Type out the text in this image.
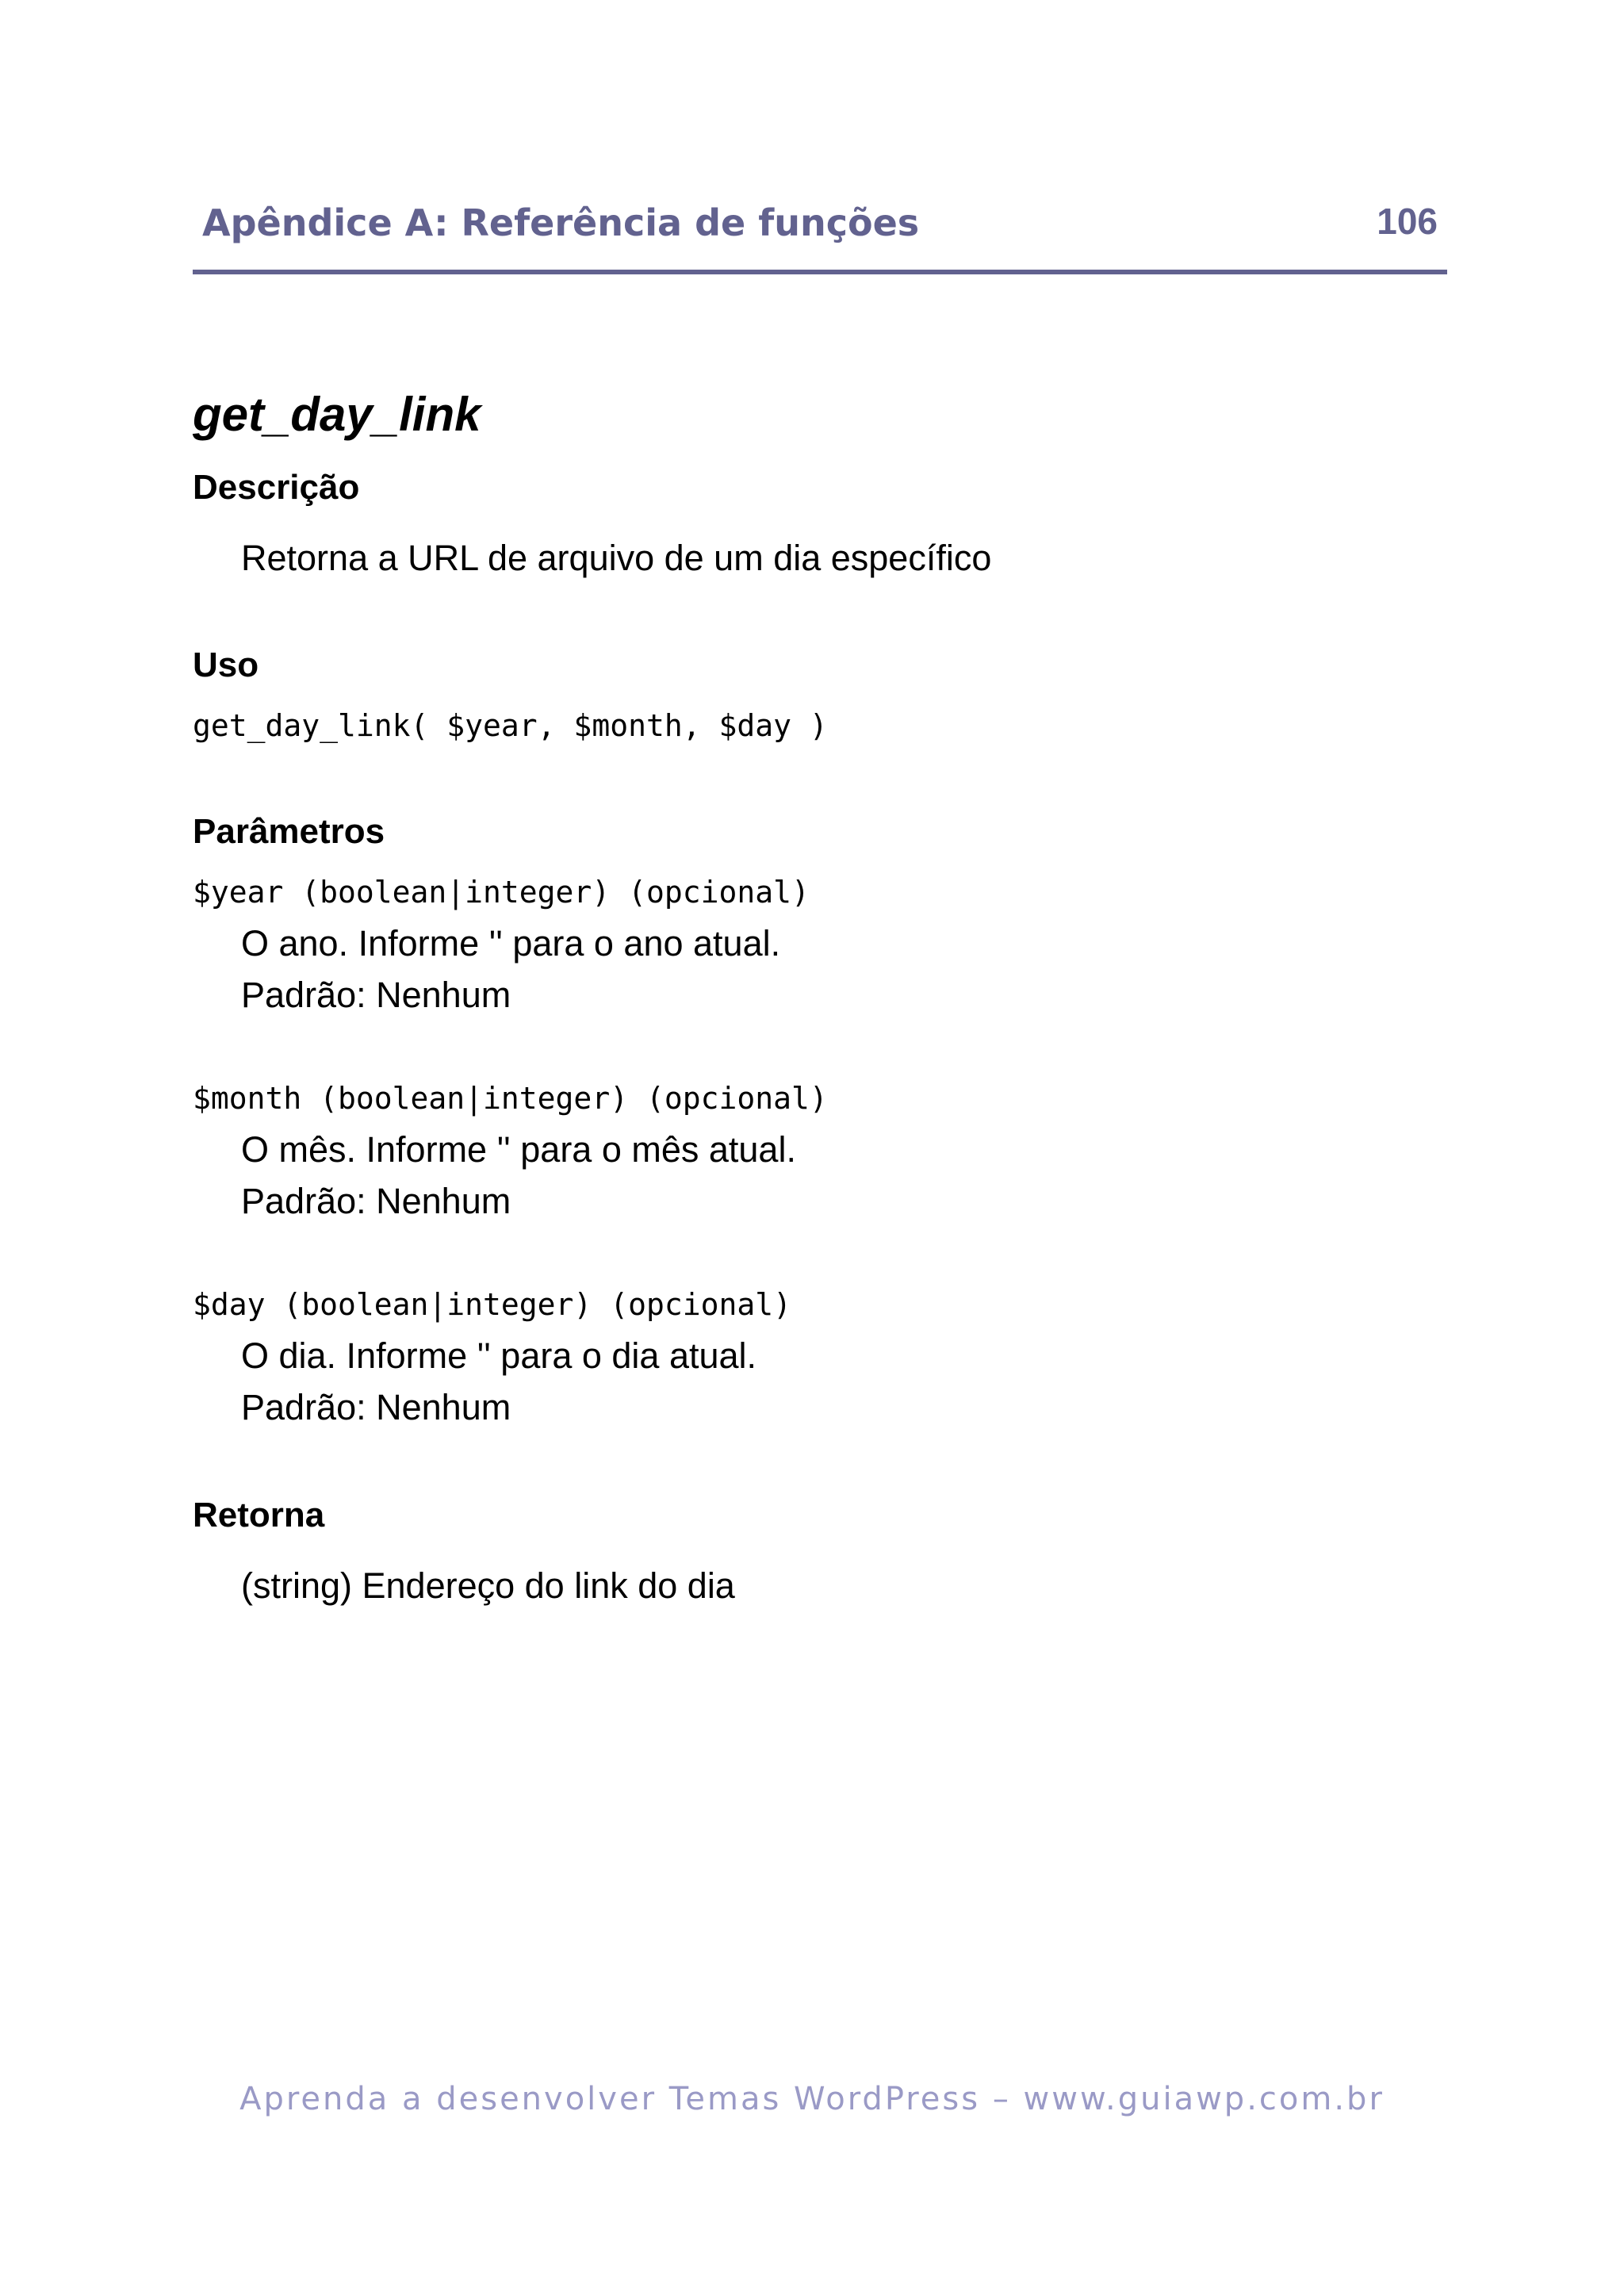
Apêndice A: Referência de funções	106
get_day_link
Descrição
Retorna a URL de arquivo de um dia específico
Uso
get_day_link( $year, $month, $day )
Parâmetros
$year (boolean|integer) (opcional)
O ano. Informe '' para o ano atual.
Padrão: Nenhum
$month (boolean|integer) (opcional)
O mês. Informe '' para o mês atual.
Padrão: Nenhum
$day (boolean|integer) (opcional)
O dia. Informe '' para o dia atual.
Padrão: Nenhum
Retorna
(string) Endereço do link do dia
Aprenda a desenvolver Temas WordPress – www.guiawp.com.br
